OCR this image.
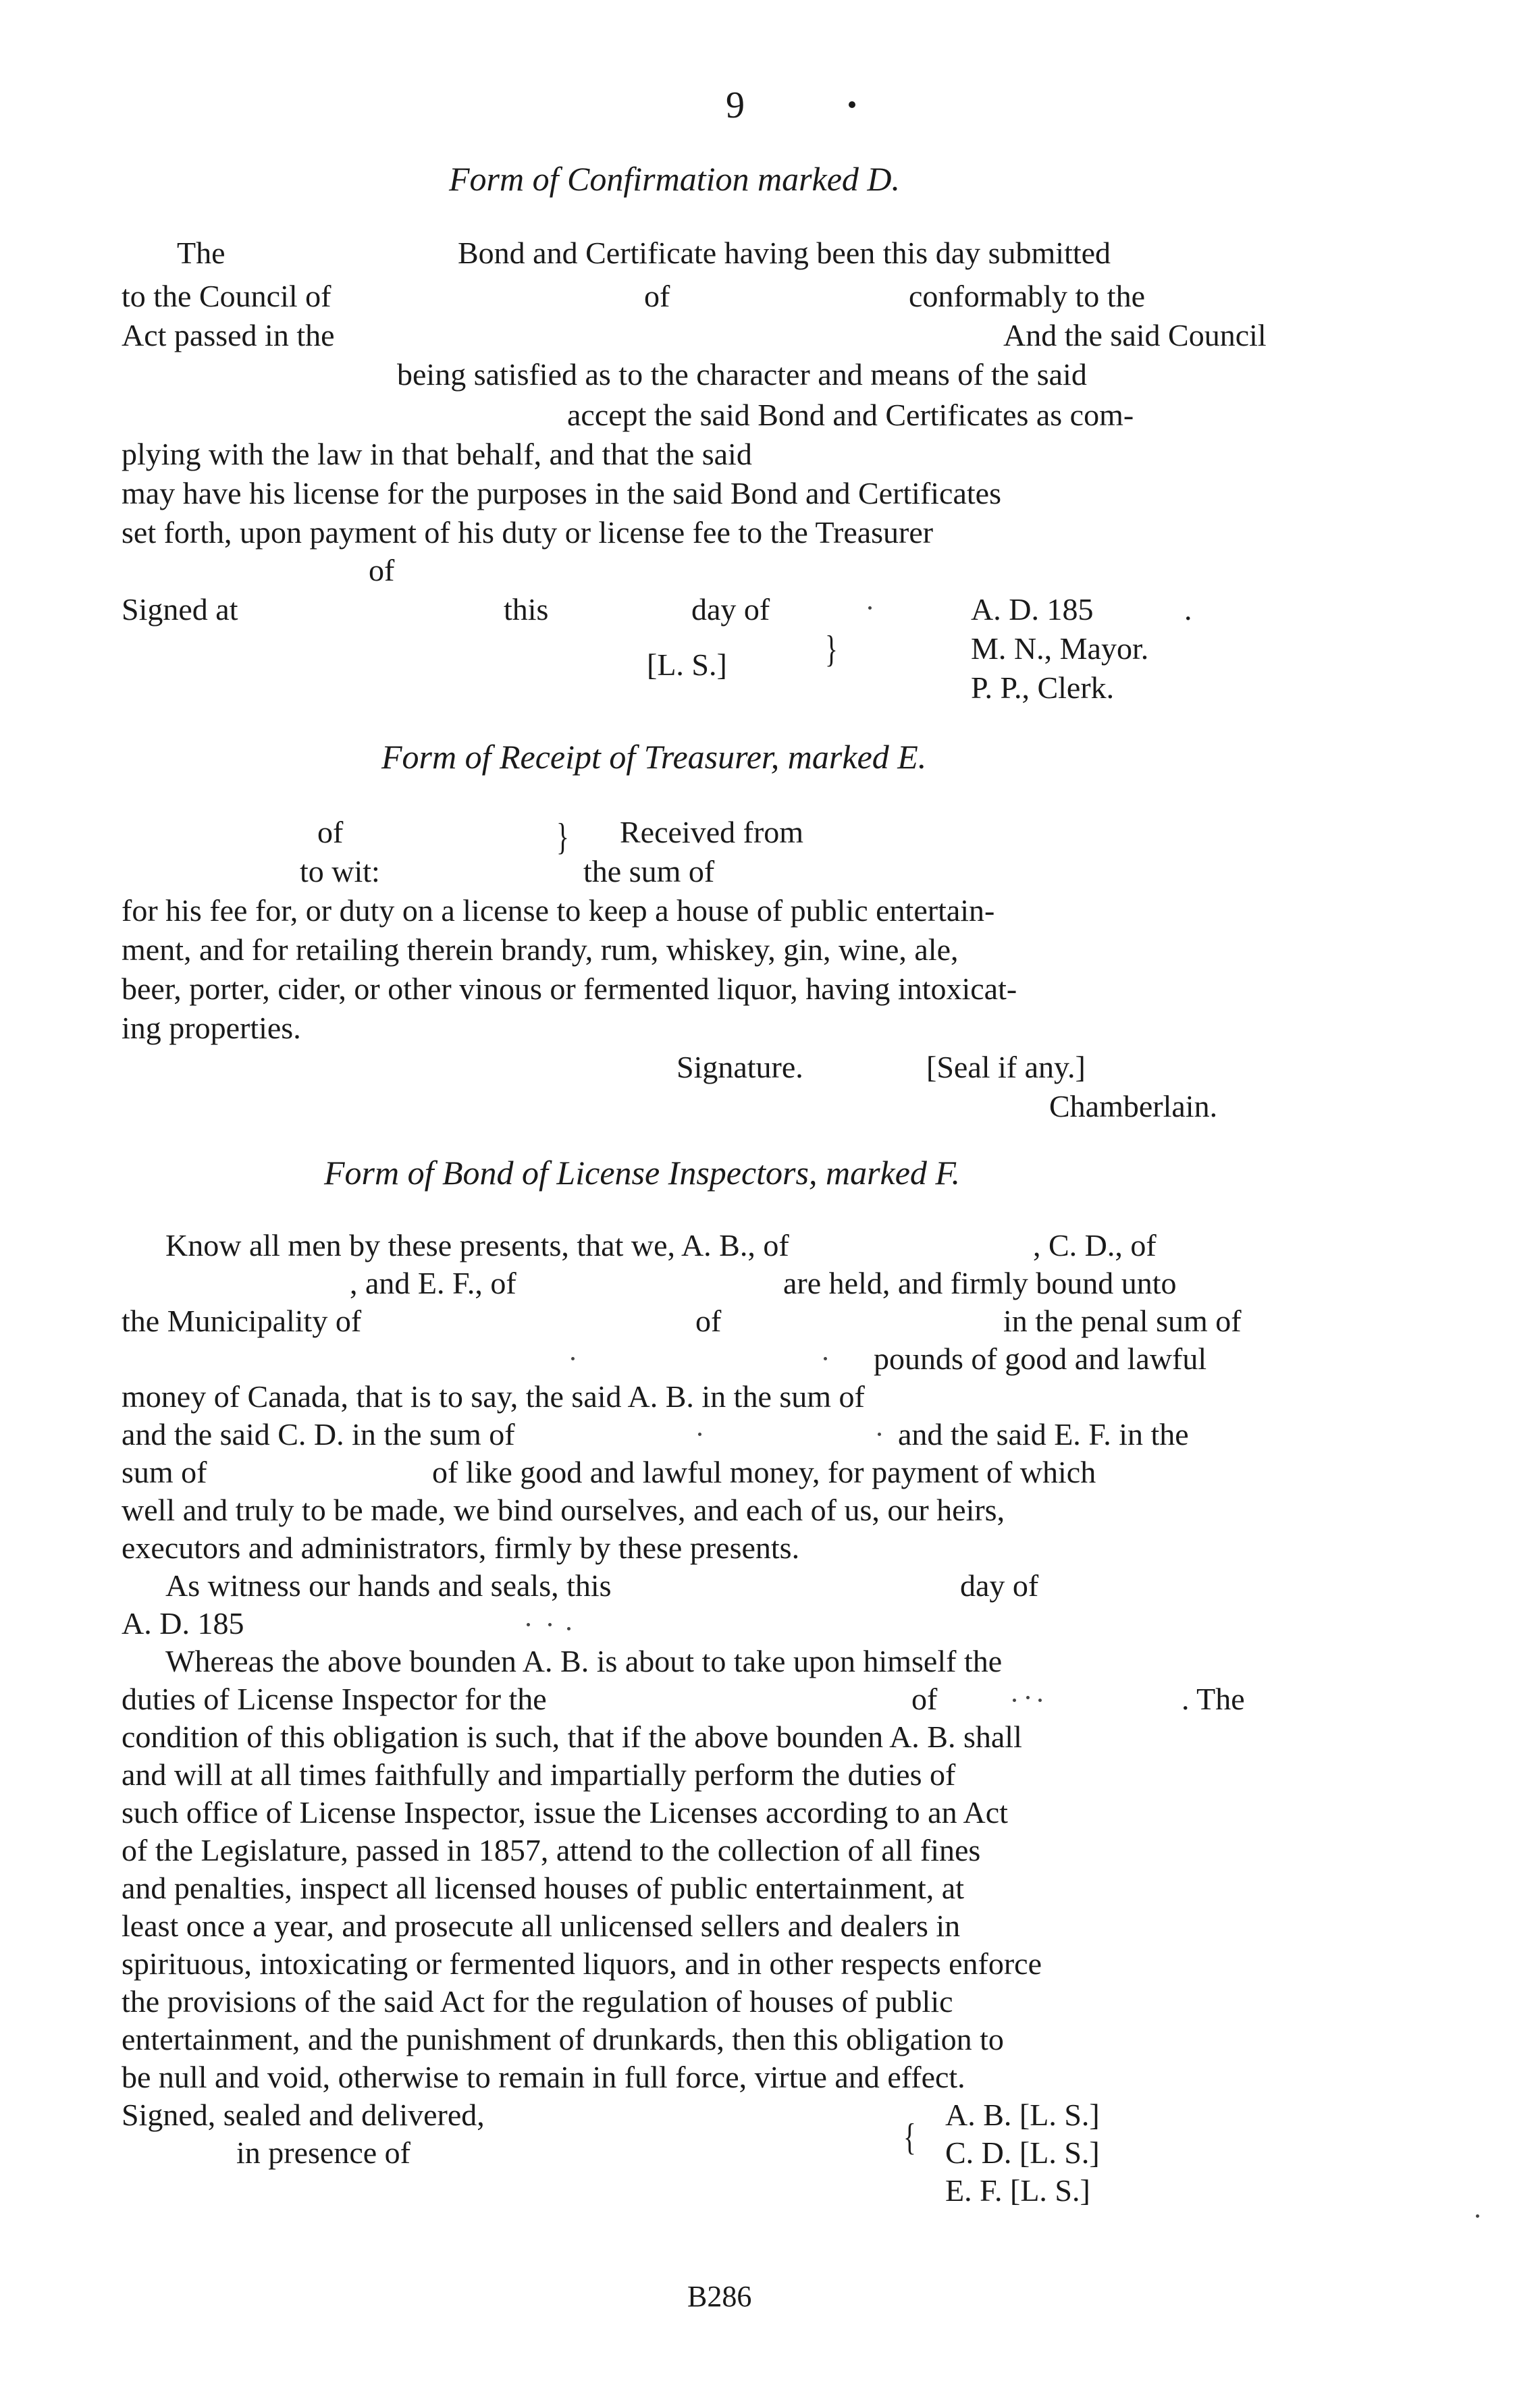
9
Form of Confirmation marked D.
The	Bond and Certificate having been this day submitted
to the Council of	of	conformably to the
Act passed in the	And the said Council
being satisfied as to the character and means of the said
accept the said Bond and Certificates as com-
plying with the law in that behalf, and that the said
may have his license for the purposes in the said Bond and Certificates
set forth, upon payment of his duty or license fee to the Treasurer
of
Signed at	this	day of	A. D. 185	.
[L. S.]	}	M. N., Mayor.
P. P., Clerk.
Form of Receipt of Treasurer, marked E.
of
to wit:
} Received from
the sum of
for his fee for, or duty on a license to keep a house of public entertain-
ment, and for retailing therein brandy, rum, whiskey, gin, wine, ale,
beer, porter, cider, or other vinous or fermented liquor, having intoxicat-
ing properties.
Signature.	[Seal if any.]
Chamberlain.
Form of Bond of License Inspectors, marked F.
Know all men by these presents, that we, A. B., of	, C. D., of
, and E. F., of	are held, and firmly bound unto
the Municipality of	of	in the penal sum of
pounds of good and lawful
money of Canada, that is to say, the said A. B. in the sum of
and the said C. D. in the sum of	and the said E. F. in the
sum of	of like good and lawful money, for payment of which
well and truly to be made, we bind ourselves, and each of us, our heirs,
executors and administrators, firmly by these presents.
As witness our hands and seals, this	day of
A. D. 185
Whereas the above bounden A. B. is about to take upon himself the
duties of License Inspector for the	of	. The
condition of this obligation is such, that if the above bounden A. B. shall
and will at all times faithfully and impartially perform the duties of
such office of License Inspector, issue the Licenses according to an Act
of the Legislature, passed in 1857, attend to the collection of all fines
and penalties, inspect all licensed houses of public entertainment, at
least once a year, and prosecute all unlicensed sellers and dealers in
spirituous, intoxicating or fermented liquors, and in other respects enforce
the provisions of the said Act for the regulation of houses of public
entertainment, and the punishment of drunkards, then this obligation to
be null and void, otherwise to remain in full force, virtue and effect.
Signed, sealed and delivered,
in presence of	{
A. B. [L. S.]
C. D. [L. S.]
E. F. [L. S.]
B286
